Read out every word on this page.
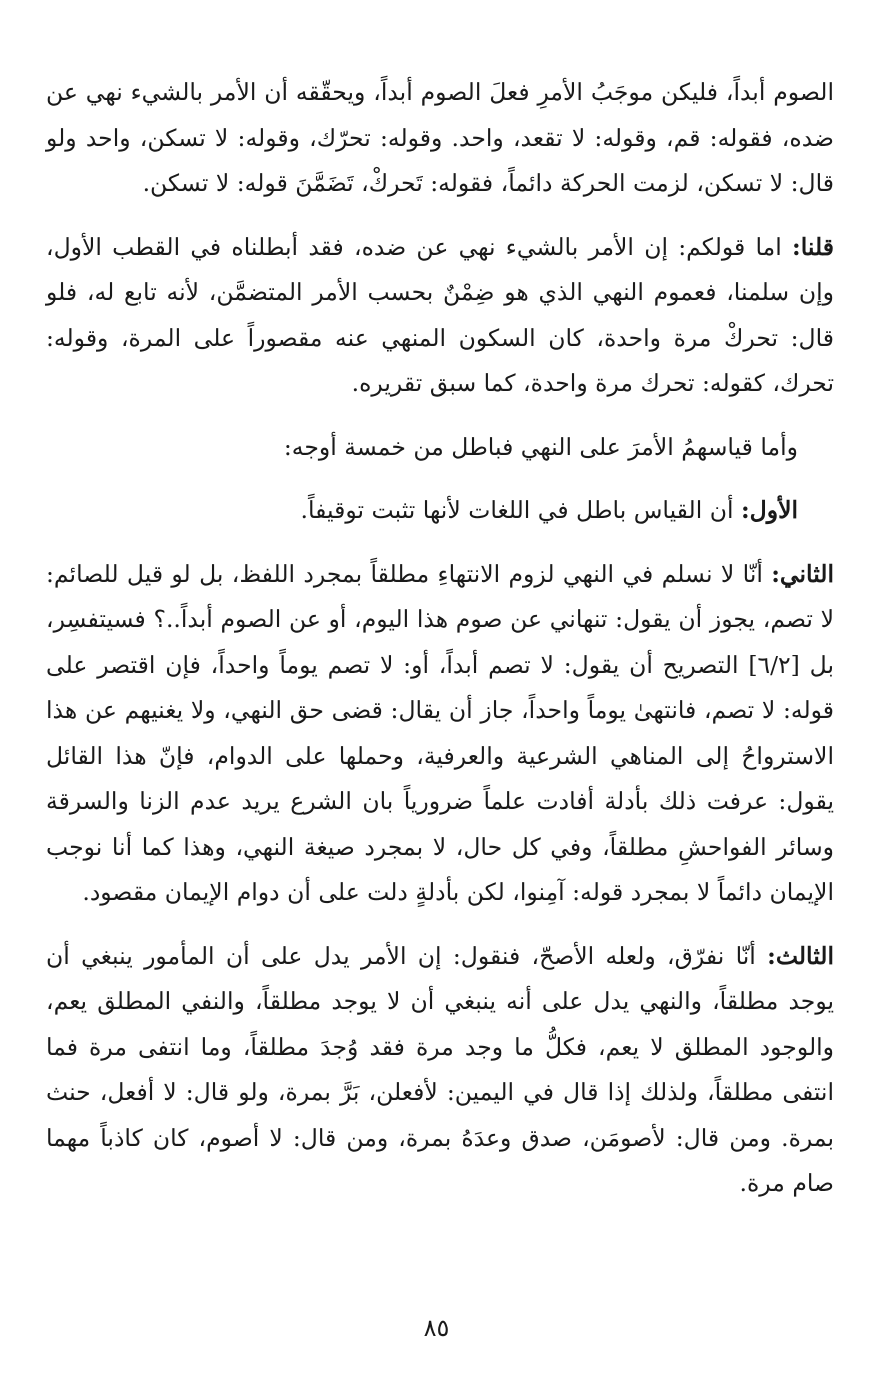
الصوم أبداً، فليكن موجَبُ الأمرِ فعلَ الصوم أبداً، ويحقّقه أن الأمر بالشيء نهي عن ضده، فقوله: قم، وقوله: لا تقعد، واحد. وقوله: تحرّك، وقوله: لا تسكن، واحد ولو قال: لا تسكن، لزمت الحركة دائماً، فقوله: تَحركْ، تَضَمَّنَ قوله: لا تسكن.

قلنا: اما قولكم: إن الأمر بالشيء نهي عن ضده، فقد أبطلناه في القطب الأول، وإن سلمنا، فعموم النهي الذي هو ضِمْنٌ بحسب الأمر المتضمَّن، لأنه تابع له، فلو قال: تحركْ مرة واحدة، كان السكون المنهي عنه مقصوراً على المرة، وقوله: تحرك، كقوله: تحرك مرة واحدة، كما سبق تقريره.

وأما قياسهمُ الأمرَ على النهي فباطل من خمسة أوجه:

الأول: أن القياس باطل في اللغات لأنها تثبت توقيفاً.

الثاني: أنّا لا نسلم في النهي لزوم الانتهاءِ مطلقاً بمجرد اللفظ، بل لو قيل للصائم: لا تصم، يجوز أن يقول: تنهاني عن صوم هذا اليوم، أو عن الصوم أبداً..؟ فسيتفسِر، بل [٦/٢] التصريح أن يقول: لا تصم أبداً، أو: لا تصم يوماً واحداً، فإن اقتصر على قوله: لا تصم، فانتهىٰ يوماً واحداً، جاز أن يقال: قضى حق النهي، ولا يغنيهم عن هذا الاسترواحُ إلى المناهي الشرعية والعرفية، وحملها على الدوام، فإنّ هذا القائل يقول: عرفت ذلك بأدلة أفادت علماً ضرورياً بان الشرع يريد عدم الزنا والسرقة وسائر الفواحشِ مطلقاً، وفي كل حال، لا بمجرد صيغة النهي، وهذا كما أنا نوجب الإيمان دائماً لا بمجرد قوله: آمِنوا، لكن بأدلةٍ دلت على أن دوام الإيمان مقصود.

الثالث: أنّا نفرّق، ولعله الأصحّ، فنقول: إن الأمر يدل على أن المأمور ينبغي أن يوجد مطلقاً، والنهي يدل على أنه ينبغي أن لا يوجد مطلقاً، والنفي المطلق يعم، والوجود المطلق لا يعم، فكلُّ ما وجد مرة فقد وُجدَ مطلقاً، وما انتفى مرة فما انتفى مطلقاً، ولذلك إذا قال في اليمين: لأفعلن، بَرَّ بمرة، ولو قال: لا أفعل، حنث بمرة. ومن قال: لأصومَن، صدق وعدَهُ بمرة، ومن قال: لا أصوم، كان كاذباً مهما صام مرة.

٨٥
